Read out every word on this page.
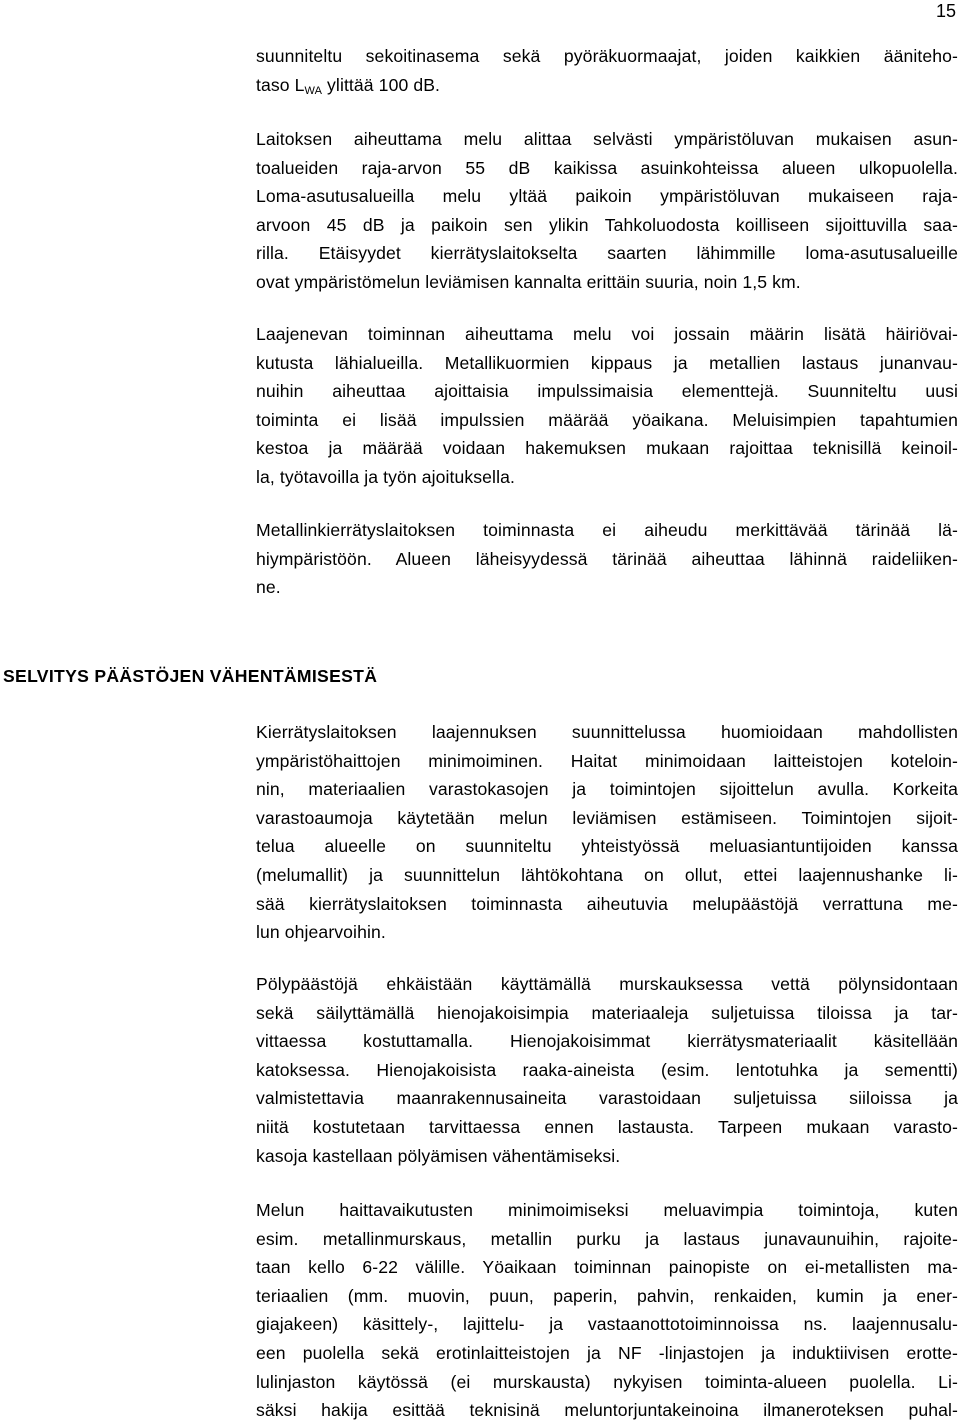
15
suunniteltu sekoitinasema sekä pyöräkuormaajat, joiden kaikkien ääniteho-
taso $L_{WA}$ ylittää 100 dB.
Laitoksen aiheuttama melu alittaa selvästi ympäristöluvan mukaisen asun-
toalueiden raja-arvon 55 dB kaikissa asuinkohteissa alueen ulkopuolella.
Loma-asutusalueilla melu yltää paikoin ympäristöluvan mukaiseen raja-
arvoon 45 dB ja paikoin sen ylikin Tahkoluodosta koilliseen sijoittuvilla saa-
rilla. Etäisyydet kierrätyslaitokselta saarten lähimmille loma-asutusalueille
ovat ympäristömelun leviämisen kannalta erittäin suuria, noin 1,5 km.
Laajenevan toiminnan aiheuttama melu voi jossain määrin lisätä häiriövai-
kutusta lähialueilla. Metallikuormien kippaus ja metallien lastaus junanvau-
nuihin aiheuttaa ajoittaisia impulssimaisia elementtejä. Suunniteltu uusi
toiminta ei lisää impulssien määrää yöaikana. Meluisimpien tapahtumien
kestoa ja määrää voidaan hakemuksen mukaan rajoittaa teknisillä keinoil-
la, työtavoilla ja työn ajoituksella.
Metallinkierrätyslaitoksen toiminnasta ei aiheudu merkittävää tärinää lä-
hiympäristöön. Alueen läheisyydessä tärinää aiheuttaa lähinnä raideliiken-
ne.
SELVITYS PÄÄSTÖJEN VÄHENTÄMISESTÄ
Kierrätyslaitoksen laajennuksen suunnittelussa huomioidaan mahdollisten
ympäristöhaittojen minimoiminen. Haitat minimoidaan laitteistojen koteloin-
nin, materiaalien varastokasojen ja toimintojen sijoittelun avulla. Korkeita
varastoaumoja käytetään melun leviämisen estämiseen. Toimintojen sijoit-
telua alueelle on suunniteltu yhteistyössä meluasiantuntijoiden kanssa
(melumallit) ja suunnittelun lähtökohtana on ollut, ettei laajennushanke li-
sää kierrätyslaitoksen toiminnasta aiheutuvia melupäästöjä verrattuna me-
lun ohjearvoihin.
Pölypäästöjä ehkäistään käyttämällä murskauksessa vettä pölynsidontaan
sekä säilyttämällä hienojakoisimpia materiaaleja suljetuissa tiloissa ja tar-
vittaessa kostuttamalla. Hienojakoisimmat kierrätysmateriaalit käsitellään
katoksessa. Hienojakoisista raaka-aineista (esim. lentotuhka ja sementti)
valmistettavia maanrakennusaineita varastoidaan suljetuissa siiloissa ja
niitä kostutetaan tarvittaessa ennen lastausta. Tarpeen mukaan varasto-
kasoja kastellaan pölyämisen vähentämiseksi.
Melun haittavaikutusten minimoimiseksi meluavimpia toimintoja, kuten
esim. metallinmurskaus, metallin purku ja lastaus junavaunuihin, rajoite-
taan kello 6-22 välille. Yöaikaan toiminnan painopiste on ei-metallisten ma-
teriaalien (mm. muovin, puun, paperin, pahvin, renkaiden, kumin ja ener-
giajakeen) käsittely-, lajittelu- ja vastaanottotoiminnoissa ns. laajennusalu-
een puolella sekä erotinlaitteistojen ja NF -linjastojen ja induktiivisen erotte-
lulinjaston käytössä (ei murskausta) nykyisen toiminta-alueen puolella. Li-
säksi hakija esittää teknisinä meluntorjuntakeinoina ilmaneroteksen puhal-
